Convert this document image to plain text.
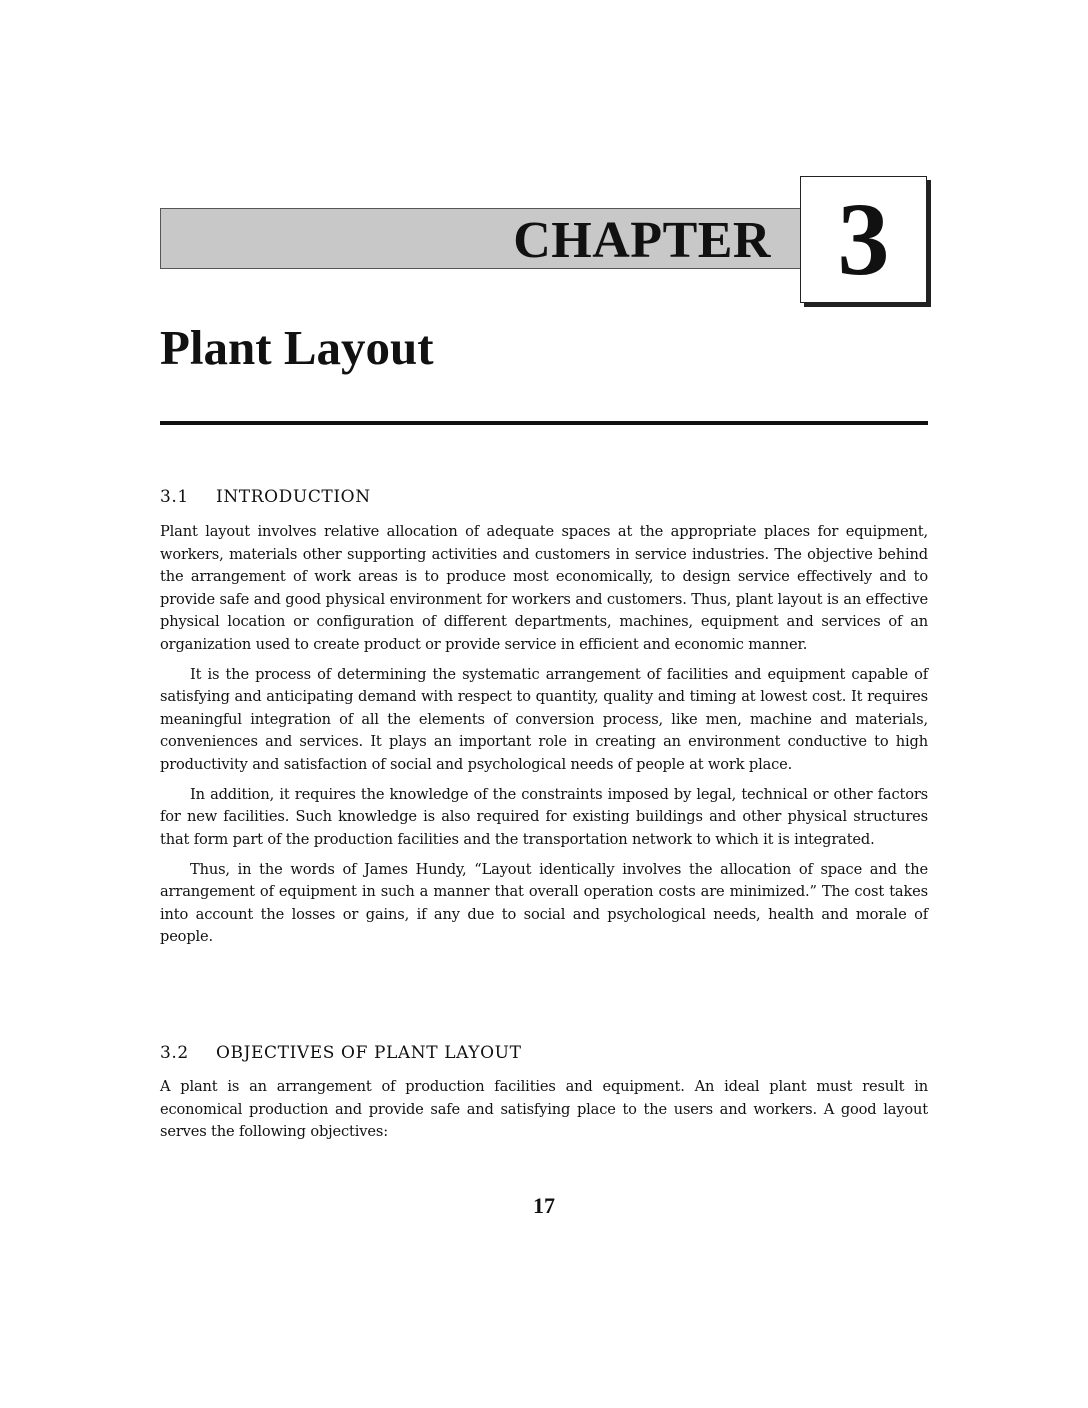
CHAPTER 3
Plant Layout
3.1 INTRODUCTION

Plant layout involves relative allocation of adequate spaces at the appropriate places for equipment, workers, materials other supporting activities and customers in service industries. The objective behind the arrangement of work areas is to produce most economically, to design service effectively and to provide safe and good physical environment for workers and customers. Thus, plant layout is an effective physical location or configuration of different departments, machines, equipment and services of an organization used to create product or provide service in efficient and economic manner.

It is the process of determining the systematic arrangement of facilities and equipment capable of satisfying and anticipating demand with respect to quantity, quality and timing at lowest cost. It requires meaningful integration of all the elements of conversion process, like men, machine and materials, conveniences and services. It plays an important role in creating an environment conductive to high productivity and satisfaction of social and psychological needs of people at work place.

In addition, it requires the knowledge of the constraints imposed by legal, technical or other factors for new facilities. Such knowledge is also required for existing buildings and other physical structures that form part of the production facilities and the transportation network to which it is integrated.

Thus, in the words of James Hundy, “Layout identically involves the allocation of space and the arrangement of equipment in such a manner that overall operation costs are minimized.” The cost takes into account the losses or gains, if any due to social and psychological needs, health and morale of people.

3.2 OBJECTIVES OF PLANT LAYOUT

A plant is an arrangement of production facilities and equipment. An ideal plant must result in economical production and provide safe and satisfying place to the users and workers. A good layout serves the following objectives:

17
